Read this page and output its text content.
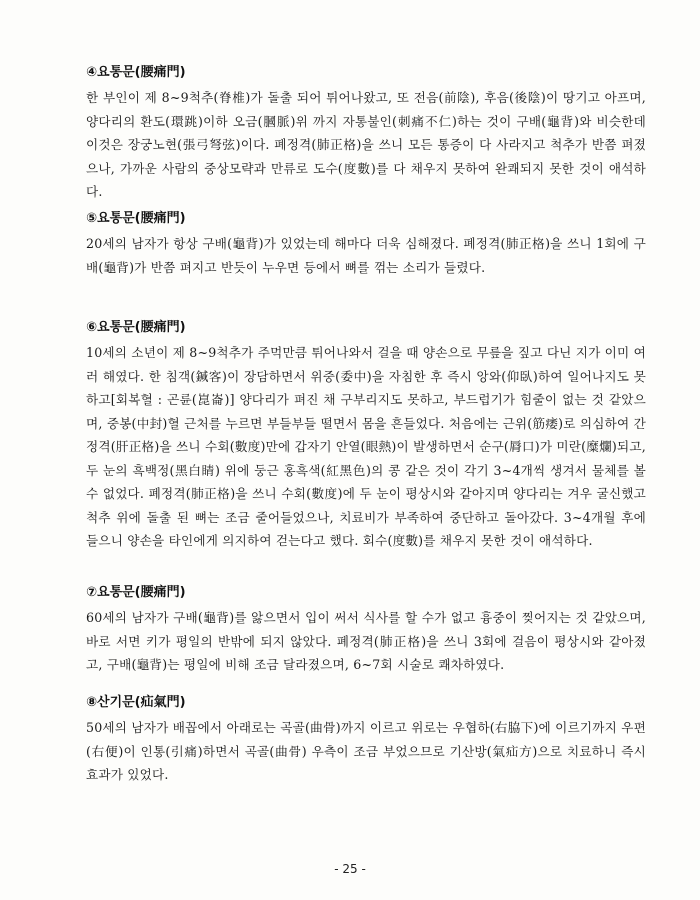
④요통문(腰痛門)

한 부인이 제 8~9척추(脊椎)가 돌출 되어 튀어나왔고, 또 전음(前陰), 후음(後陰)이 땅기고 아프며, 양다리의 환도(環跳)이하 오금(膕脈)위 까지 자통불인(刺痛不仁)하는 것이 구배(龜背)와 비슷한데 이것은 장궁노현(張弓弩弦)이다. 폐정격(肺正格)을 쓰니 모든 통증이 다 사라지고 척추가 반쯤 펴졌으나, 가까운 사람의 중상모략과 만류로 도수(度數)를 다 채우지 못하여 완쾌되지 못한 것이 애석하다.

⑤요통문(腰痛門)

20세의 남자가 항상 구배(龜背)가 있었는데 해마다 더욱 심해졌다. 폐정격(肺正格)을 쓰니 1회에 구배(龜背)가 반쯤 펴지고 반듯이 누우면 등에서 뼈를 꺾는 소리가 들렸다.

⑥요통문(腰痛門)

10세의 소년이 제 8~9척추가 주먹만큼 튀어나와서 걸을 때 양손으로 무릎을 짚고 다닌 지가 이미 여러 해였다. 한 침객(鍼客)이 장담하면서 위중(委中)을 자침한 후 즉시 앙와(仰臥)하여 일어나지도 못하고[회복혈 : 곤륜(崑崙)] 양다리가 펴진 채 구부리지도 못하고, 부드럽기가 힘줄이 없는 것 같았으며, 중봉(中封)혈 근처를 누르면 부들부들 떨면서 몸을 흔들었다. 처음에는 근위(筋痿)로 의심하여 간정격(肝正格)을 쓰니 수회(數度)만에 갑자기 안열(眼熱)이 발생하면서 순구(脣口)가 미란(糜爛)되고, 두 눈의 흑백정(黑白睛) 위에 둥근 홍흑색(紅黑色)의 콩 같은 것이 각기 3~4개씩 생겨서 물체를 볼 수 없었다. 폐정격(肺正格)을 쓰니 수회(數度)에 두 눈이 평상시와 같아지며 양다리는 겨우 굴신했고 척추 위에 돌출 된 뼈는 조금 줄어들었으나, 치료비가 부족하여 중단하고 돌아갔다. 3~4개월 후에 들으니 양손을 타인에게 의지하여 걷는다고 했다. 회수(度數)를 채우지 못한 것이 애석하다.

⑦요통문(腰痛門)

60세의 남자가 구배(龜背)를 앓으면서 입이 써서 식사를 할 수가 없고 흉중이 찢어지는 것 같았으며, 바로 서면 키가 평일의 반밖에 되지 않았다. 폐정격(肺正格)을 쓰니 3회에 걸음이 평상시와 같아졌고, 구배(龜背)는 평일에 비해 조금 달라졌으며, 6~7회 시술로 쾌차하였다.

⑧산기문(疝氣門)

50세의 남자가 배꼽에서 아래로는 곡골(曲骨)까지 이르고 위로는 우협하(右脇下)에 이르기까지 우편(右便)이 인통(引痛)하면서 곡골(曲骨) 우측이 조금 부었으므로 기산방(氣疝方)으로 치료하니 즉시 효과가 있었다.

- 25 -
